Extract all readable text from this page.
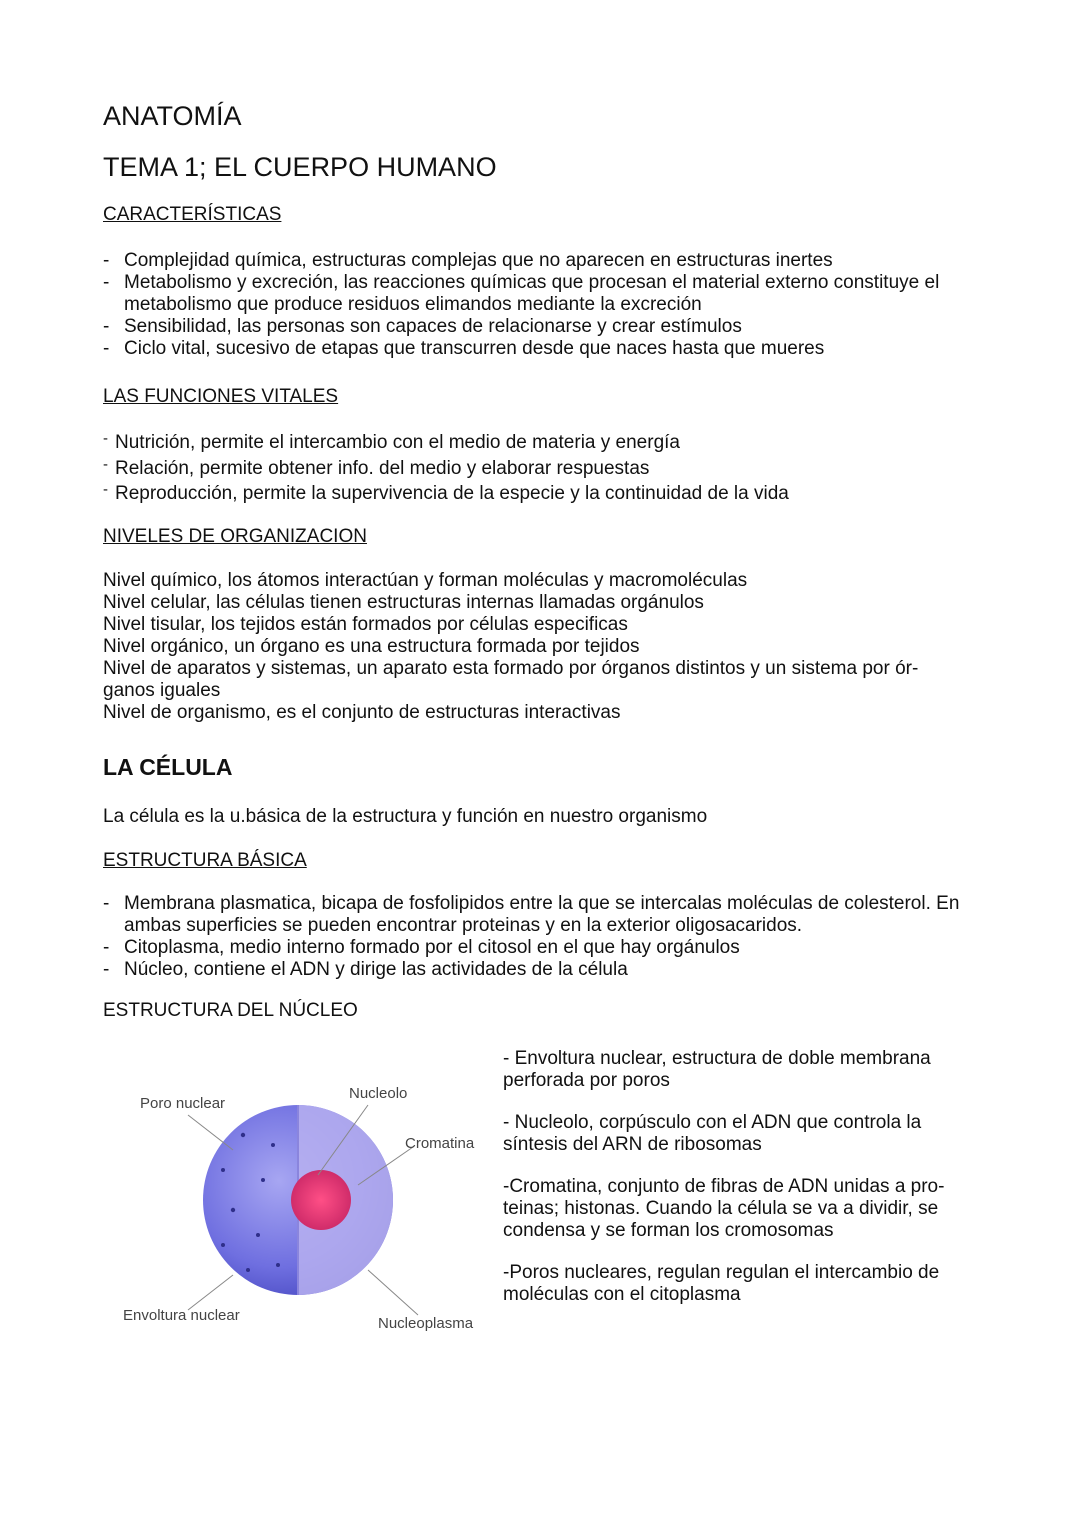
ANATOMÍA
TEMA 1; EL CUERPO HUMANO
CARACTERÍSTICAS
- Complejidad química, estructuras complejas que no aparecen en estructuras inertes
- Metabolismo y excreción, las reacciones químicas que procesan el material externo constituye el metabolismo que produce residuos elimandos mediante la excreción
- Sensibilidad, las personas son capaces de relacionarse y crear estímulos
- Ciclo vital, sucesivo de etapas que transcurren desde que naces hasta que mueres
LAS FUNCIONES VITALES
- Nutrición, permite el intercambio con el medio de materia y energía
- Relación, permite obtener info. del medio y elaborar respuestas
- Reproducción, permite la supervivencia de la especie y la continuidad de la vida
NIVELES DE ORGANIZACION
Nivel químico, los átomos interactúan y forman moléculas y macromoléculas
Nivel celular, las células tienen estructuras internas llamadas orgánulos
Nivel tisular, los tejidos están formados por células especificas
Nivel orgánico, un órgano es una estructura formada por tejidos
Nivel de aparatos y sistemas, un aparato esta formado por órganos distintos y un sistema por ór- ganos iguales
Nivel de organismo, es el conjunto de estructuras interactivas
LA CÉLULA
La célula es la u.básica de la estructura y función en nuestro organismo
ESTRUCTURA BÁSICA
- Membrana plasmatica, bicapa de fosfolipidos entre la que se intercalas moléculas de colesterol. En ambas superficies se pueden encontrar proteinas y en la exterior oligosacaridos.
- Citoplasma, medio interno formado por el citosol en el que hay orgánulos
- Núcleo, contiene el ADN y dirige las actividades de la célula
ESTRUCTURA DEL NÚCLEO
Poro nuclear
Nucleolo
Cromatina
Envoltura nuclear	Nucleoplasma

- Envoltura nuclear, estructura de doble membrana perforada por poros

- Nucleolo, corpúsculo con el ADN que controla la síntesis del ARN de ribosomas

-Cromatina, conjunto de fibras de ADN unidas a pro- teinas; histonas. Cuando la célula se va a dividir, se condensa y se forman los cromosomas

-Poros nucleares, regulan regulan el intercambio de moléculas con el citoplasma
